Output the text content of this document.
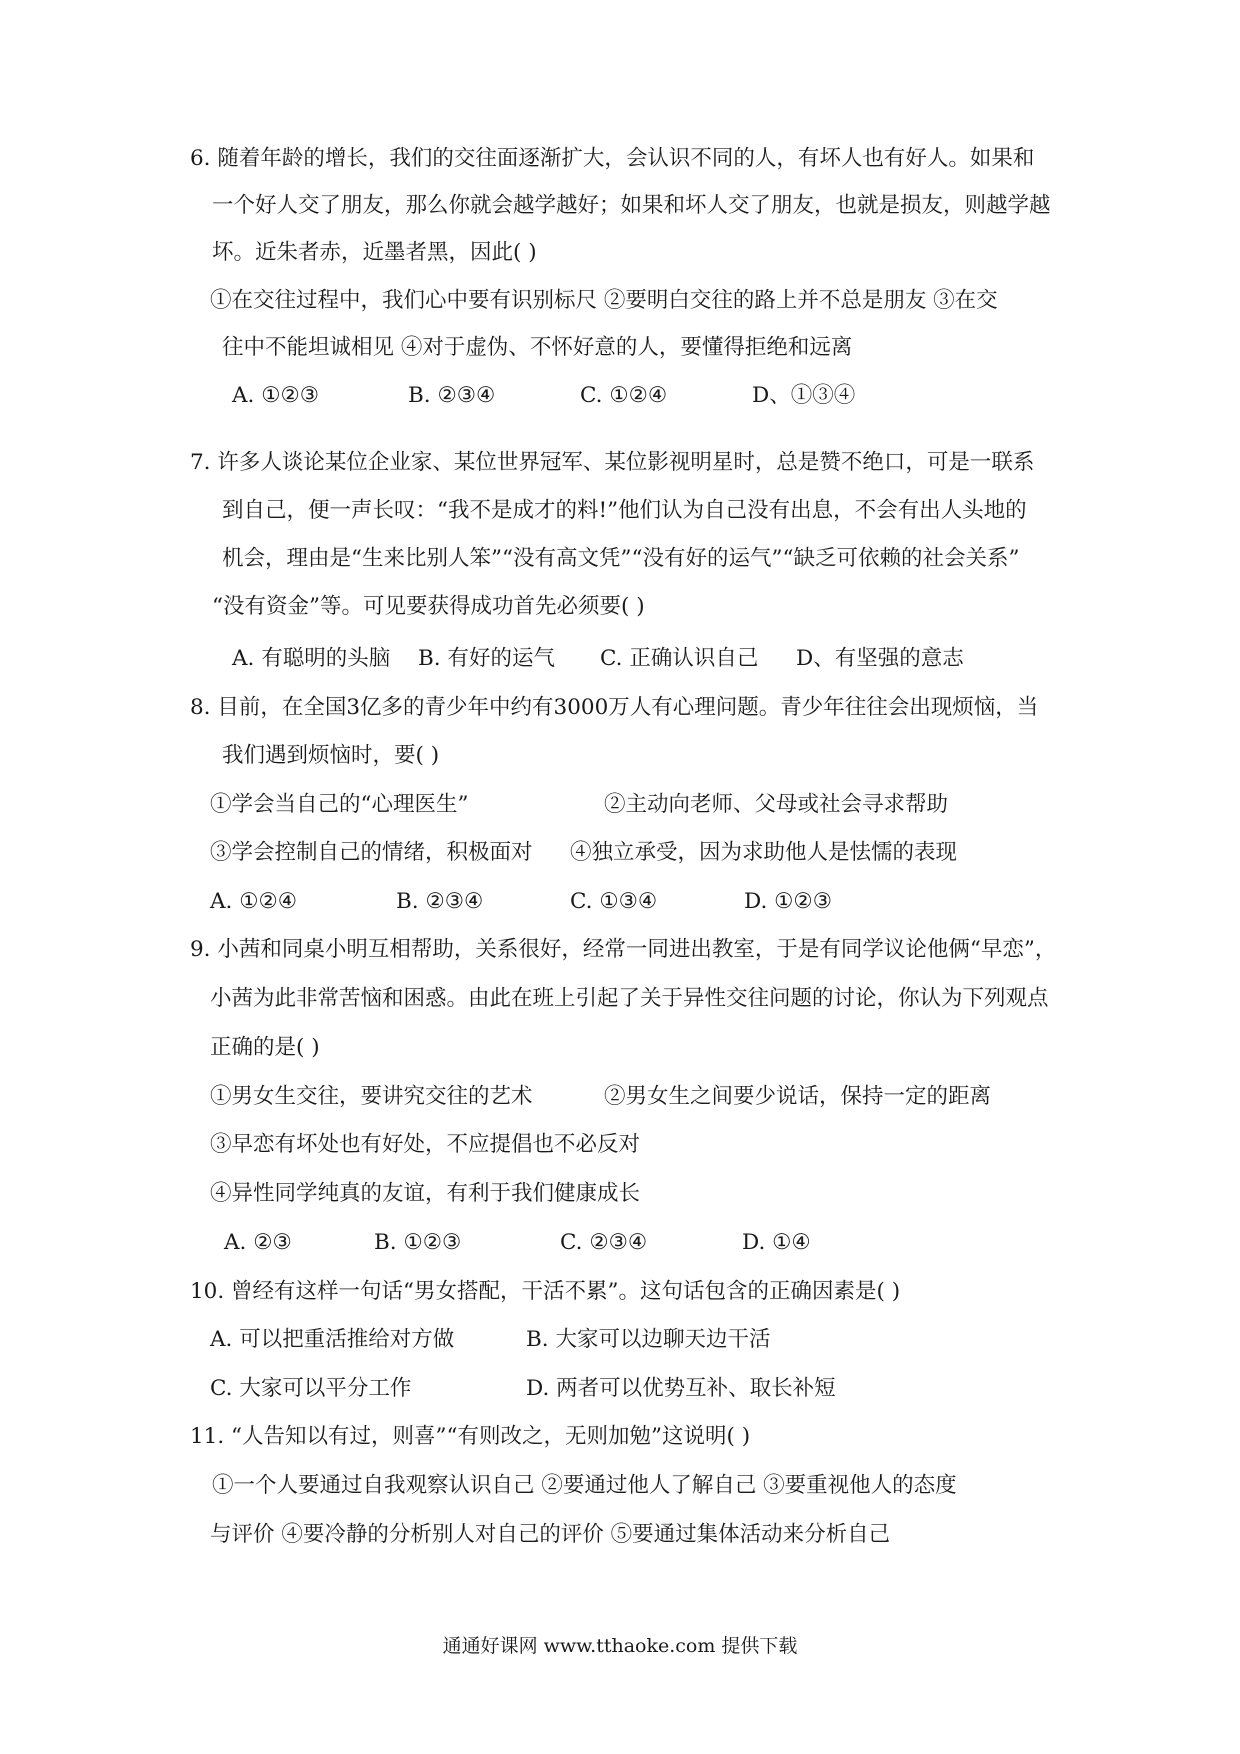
6. 随着年龄的增长，我们的交往面逐渐扩大，会认识不同的人，有坏人也有好人。如果和
一个好人交了朋友，那么你就会越学越好；如果和坏人交了朋友，也就是损友，则越学越
坏。近朱者赤，近墨者黑，因此( )
①在交往过程中，我们心中要有识别标尺 ②要明白交往的路上并不总是朋友 ③在交
往中不能坦诚相见 ④对于虚伪、不怀好意的人，要懂得拒绝和远离
A. ①②③	B. ②③④	C. ①②④	D、①③④
7. 许多人谈论某位企业家、某位世界冠军、某位影视明星时，总是赞不绝口，可是一联系
到自己，便一声长叹：“我不是成才的料!”他们认为自己没有出息，不会有出人头地的
机会，理由是“生来比别人笨”“没有高文凭”“没有好的运气”“缺乏可依赖的社会关系”
“没有资金”等。可见要获得成功首先必须要( )
A. 有聪明的头脑 B. 有好的运气 C. 正确认识自己 D、有坚强的意志
8. 目前，在全国3亿多的青少年中约有3000万人有心理问题。青少年往往会出现烦恼，当
我们遇到烦恼时，要( )
①学会当自己的“心理医生”	②主动向老师、父母或社会寻求帮助
③学会控制自己的情绪，积极面对 ④独立承受，因为求助他人是怯懦的表现
A. ①②④	B. ②③④	C. ①③④	D. ①②③
9. 小茜和同桌小明互相帮助，关系很好，经常一同进出教室，于是有同学议论他俩“早恋”，
小茜为此非常苦恼和困惑。由此在班上引起了关于异性交往问题的讨论，你认为下列观点
正确的是( )
①男女生交往，要讲究交往的艺术	②男女生之间要少说话，保持一定的距离
③早恋有坏处也有好处，不应提倡也不必反对
④异性同学纯真的友谊，有利于我们健康成长
A. ②③	B. ①②③	C. ②③④	D. ①④
10. 曾经有这样一句话“男女搭配，干活不累”。这句话包含的正确因素是( )
A. 可以把重活推给对方做	B. 大家可以边聊天边干活
C. 大家可以平分工作	D. 两者可以优势互补、取长补短
11. “人告知以有过，则喜”“有则改之，无则加勉”这说明( )
①一个人要通过自我观察认识自己 ②要通过他人了解自己 ③要重视他人的态度
与评价 ④要冷静的分析别人对自己的评价 ⑤要通过集体活动来分析自己
通通好课网 www.tthaoke.com 提供下载
